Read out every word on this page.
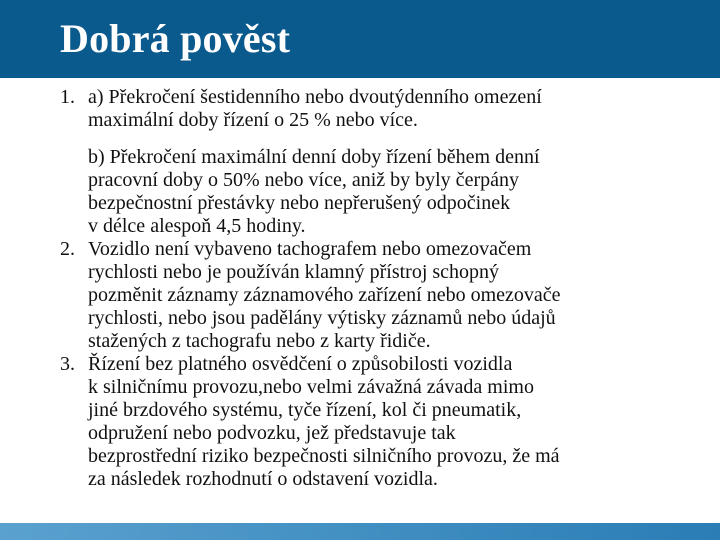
Dobrá pověst
1. a) Překročení šestidenního nebo dvoutýdenního omezení
maximální doby řízení o 25 % nebo více.
b) Překročení maximální denní doby řízení během denní
pracovní doby o 50% nebo více, aniž by byly čerpány
bezpečnostní přestávky nebo nepřerušený odpočinek
v délce alespoň 4,5 hodiny.
2. Vozidlo není vybaveno tachografem nebo omezovačem
rychlosti nebo je používán klamný přístroj schopný
pozměnit záznamy záznamového zařízení nebo omezovače
rychlosti, nebo jsou padělány výtisky záznamů nebo údajů
stažených z tachografu nebo z karty řidiče.
3. Řízení bez platného osvědčení o způsobilosti vozidla
k silničnímu provozu,nebo velmi závažná závada mimo
jiné brzdového systému, tyče řízení, kol či pneumatik,
odpružení nebo podvozku, jež představuje tak
bezprostřední riziko bezpečnosti silničního provozu, že má
za následek rozhodnutí o odstavení vozidla.
